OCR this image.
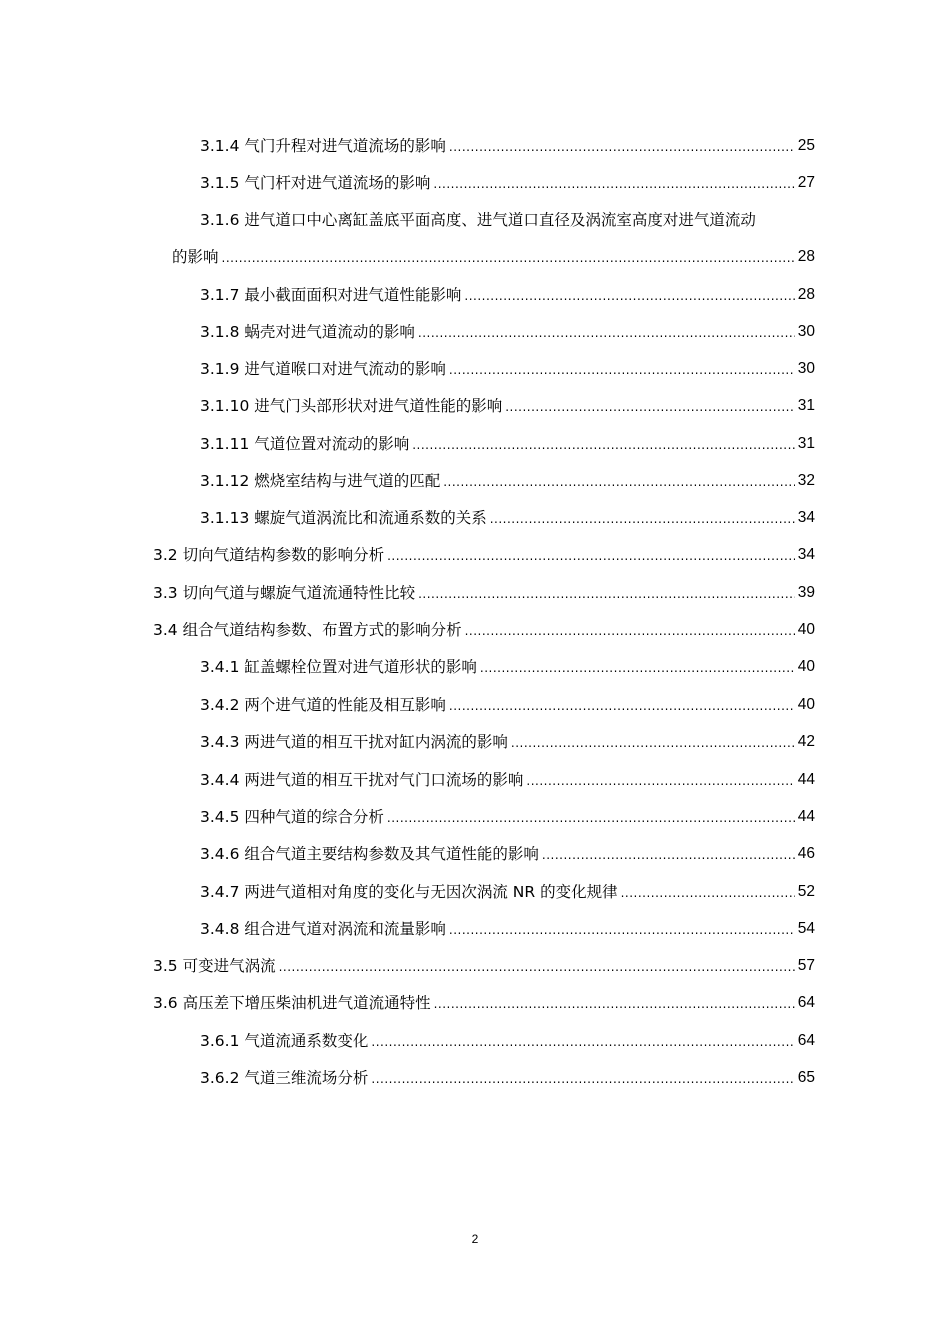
3.1.4 气门升程对进气道流场的影响 .....	25
3.1.5 气门杆对进气道流场的影响 .....	27
3.1.6 进气道口中心离缸盖底平面高度、进气道口直径及涡流室高度对进气道流动
的影响 .....	28
3.1.7 最小截面面积对进气道性能影响 .....	28
3.1.8 蜗壳对进气道流动的影响 .....	30
3.1.9 进气道喉口对进气流动的影响 .....	30
3.1.10 进气门头部形状对进气道性能的影响 .....	31
3.1.11 气道位置对流动的影响 .....	31
3.1.12 燃烧室结构与进气道的匹配 .....	32
3.1.13 螺旋气道涡流比和流通系数的关系 .....	34
3.2 切向气道结构参数的影响分析 .....	34
3.3 切向气道与螺旋气道流通特性比较 .....	39
3.4 组合气道结构参数、布置方式的影响分析 .....	40
3.4.1 缸盖螺栓位置对进气道形状的影响 .....	40
3.4.2 两个进气道的性能及相互影响 .....	40
3.4.3 两进气道的相互干扰对缸内涡流的影响 .....	42
3.4.4 两进气道的相互干扰对气门口流场的影响 .....	44
3.4.5 四种气道的综合分析 .....	44
3.4.6 组合气道主要结构参数及其气道性能的影响 .....	46
3.4.7 两进气道相对角度的变化与无因次涡流 NR 的变化规律 .....	52
3.4.8 组合进气道对涡流和流量影响 .....	54
3.5 可变进气涡流 .....	57
3.6 高压差下增压柴油机进气道流通特性 .....	64
3.6.1 气道流通系数变化 .....	64
3.6.2 气道三维流场分析 .....	65
2
